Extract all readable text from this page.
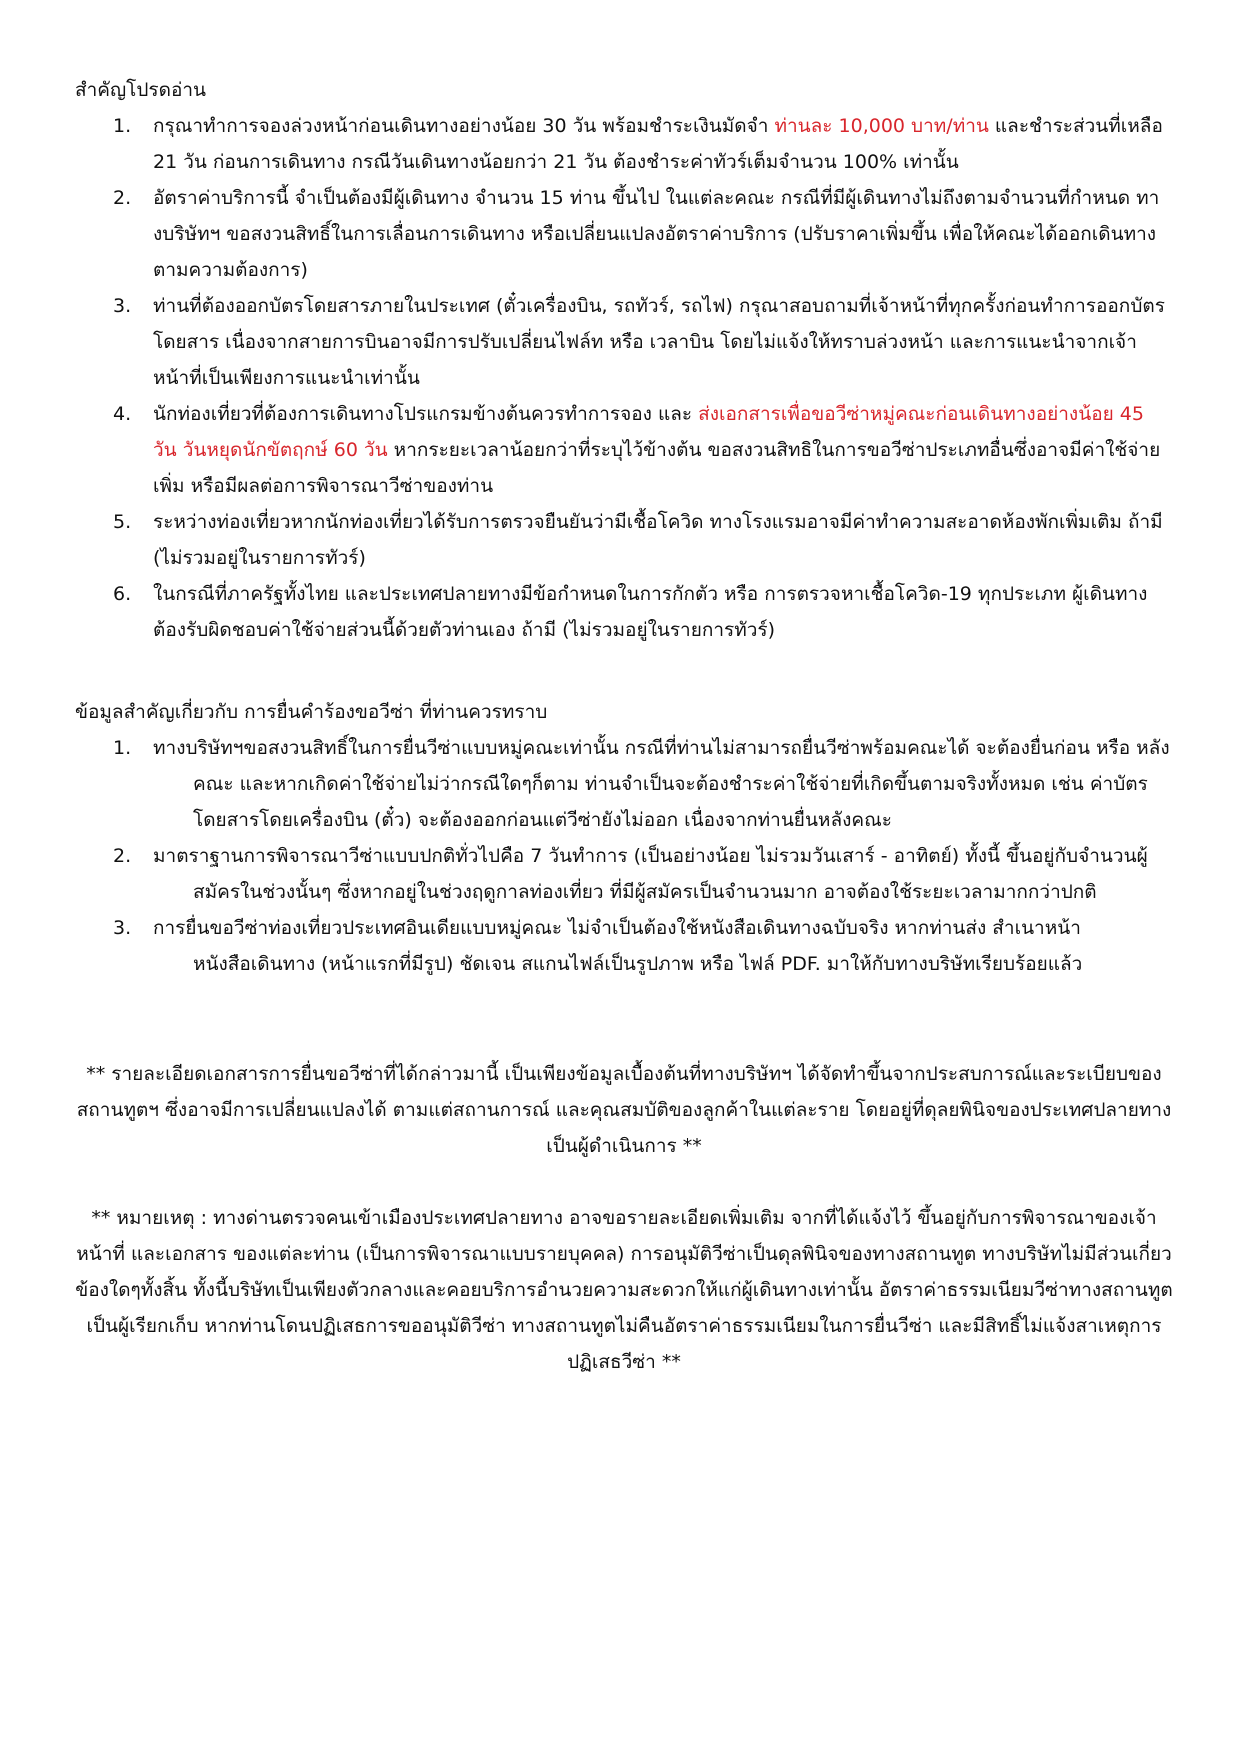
สำคัญโปรดอ่าน
1.	กรุณาทำการจองล่วงหน้าก่อนเดินทางอย่างน้อย 30 วัน พร้อมชำระเงินมัดจำ ท่านละ 10,000 บาท/ท่าน และชำระส่วนที่เหลือ 21 วัน ก่อนการเดินทาง กรณีวันเดินทางน้อยกว่า 21 วัน ต้องชำระค่าทัวร์เต็มจำนวน 100% เท่านั้น
2.	อัตราค่าบริการนี้ จำเป็นต้องมีผู้เดินทาง จำนวน 15 ท่าน ขึ้นไป ในแต่ละคณะ กรณีที่มีผู้เดินทางไม่ถึงตามจำนวนที่กำหนด ทางบริษัทฯ ขอสงวนสิทธิ์ในการเลื่อนการเดินทาง หรือเปลี่ยนแปลงอัตราค่าบริการ (ปรับราคาเพิ่มขึ้น เพื่อให้คณะได้ออกเดินทางตามความต้องการ)
3.	ท่านที่ต้องออกบัตรโดยสารภายในประเทศ (ตั๋วเครื่องบิน, รถทัวร์, รถไฟ) กรุณาสอบถามที่เจ้าหน้าที่ทุกครั้งก่อนทำการออกบัตรโดยสาร เนื่องจากสายการบินอาจมีการปรับเปลี่ยนไฟล์ท หรือ เวลาบิน โดยไม่แจ้งให้ทราบล่วงหน้า และการแนะนำจากเจ้าหน้าที่เป็นเพียงการแนะนำเท่านั้น
4.	นักท่องเที่ยวที่ต้องการเดินทางโปรแกรมข้างต้นควรทำการจอง และ ส่งเอกสารเพื่อขอวีซ่าหมู่คณะก่อนเดินทางอย่างน้อย 45 วัน วันหยุดนักขัตฤกษ์ 60 วัน หากระยะเวลาน้อยกว่าที่ระบุไว้ข้างต้น ขอสงวนสิทธิในการขอวีซ่าประเภทอื่นซึ่งอาจมีค่าใช้จ่ายเพิ่ม หรือมีผลต่อการพิจารณาวีซ่าของท่าน
5.	ระหว่างท่องเที่ยวหากนักท่องเที่ยวได้รับการตรวจยืนยันว่ามีเชื้อโควิด ทางโรงแรมอาจมีค่าทำความสะอาดห้องพักเพิ่มเติม ถ้ามี (ไม่รวมอยู่ในรายการทัวร์)
6.	ในกรณีที่ภาครัฐทั้งไทย และประเทศปลายทางมีข้อกำหนดในการกักตัว หรือ การตรวจหาเชื้อโควิด-19 ทุกประเภท ผู้เดินทางต้องรับผิดชอบค่าใช้จ่ายส่วนนี้ด้วยตัวท่านเอง ถ้ามี (ไม่รวมอยู่ในรายการทัวร์)
ข้อมูลสำคัญเกี่ยวกับ การยื่นคำร้องขอวีซ่า ที่ท่านควรทราบ
1.	ทางบริษัทฯขอสงวนสิทธิ์ในการยื่นวีซ่าแบบหมู่คณะเท่านั้น กรณีที่ท่านไม่สามารถยื่นวีซ่าพร้อมคณะได้ จะต้องยื่นก่อน หรือ หลัง คณะ และหากเกิดค่าใช้จ่ายไม่ว่ากรณีใดๆก็ตาม ท่านจำเป็นจะต้องชำระค่าใช้จ่ายที่เกิดขึ้นตามจริงทั้งหมด เช่น ค่าบัตรโดยสารโดยเครื่องบิน (ตั๋ว) จะต้องออกก่อนแต่วีซ่ายังไม่ออก เนื่องจากท่านยื่นหลังคณะ
2.	มาตราฐานการพิจารณาวีซ่าแบบปกติทั่วไปคือ 7 วันทำการ (เป็นอย่างน้อย ไม่รวมวันเสาร์ - อาทิตย์) ทั้งนี้ ขึ้นอยู่กับจำนวนผู้สมัครในช่วงนั้นๆ ซึ่งหากอยู่ในช่วงฤดูกาลท่องเที่ยว ที่มีผู้สมัครเป็นจำนวนมาก อาจต้องใช้ระยะเวลามากกว่าปกติ
3.	การยื่นขอวีซ่าท่องเที่ยวประเทศอินเดียแบบหมู่คณะ ไม่จำเป็นต้องใช้หนังสือเดินทางฉบับจริง หากท่านส่ง สำเนาหน้าหนังสือเดินทาง (หน้าแรกที่มีรูป) ชัดเจน สแกนไฟล์เป็นรูปภาพ หรือ ไฟล์ PDF. มาให้กับทางบริษัทเรียบร้อยแล้ว

** รายละเอียดเอกสารการยื่นขอวีซ่าที่ได้กล่าวมานี้ เป็นเพียงข้อมูลเบื้องต้นที่ทางบริษัทฯ ได้จัดทำขึ้นจากประสบการณ์และระเบียบของสถานทูตฯ ซึ่งอาจมีการเปลี่ยนแปลงได้ ตามแต่สถานการณ์ และคุณสมบัติของลูกค้าในแต่ละราย โดยอยู่ที่ดุลยพินิจของประเทศปลายทางเป็นผู้ดำเนินการ **

** หมายเหตุ : ทางด่านตรวจคนเข้าเมืองประเทศปลายทาง อาจขอรายละเอียดเพิ่มเติม จากที่ได้แจ้งไว้ ขึ้นอยู่กับการพิจารณาของเจ้าหน้าที่ และเอกสาร ของแต่ละท่าน (เป็นการพิจารณาแบบรายบุคคล) การอนุมัติวีซ่าเป็นดุลพินิจของทางสถานทูต ทางบริษัทไม่มีส่วนเกี่ยวข้องใดๆทั้งสิ้น ทั้งนี้บริษัทเป็นเพียงตัวกลางและคอยบริการอำนวยความสะดวกให้แก่ผู้เดินทางเท่านั้น อัตราค่าธรรมเนียมวีซ่าทางสถานทูตเป็นผู้เรียกเก็บ หากท่านโดนปฏิเสธการขออนุมัติวีซ่า ทางสถานทูตไม่คืนอัตราค่าธรรมเนียมในการยื่นวีซ่า และมีสิทธิ์ไม่แจ้งสาเหตุการปฏิเสธวีซ่า **
